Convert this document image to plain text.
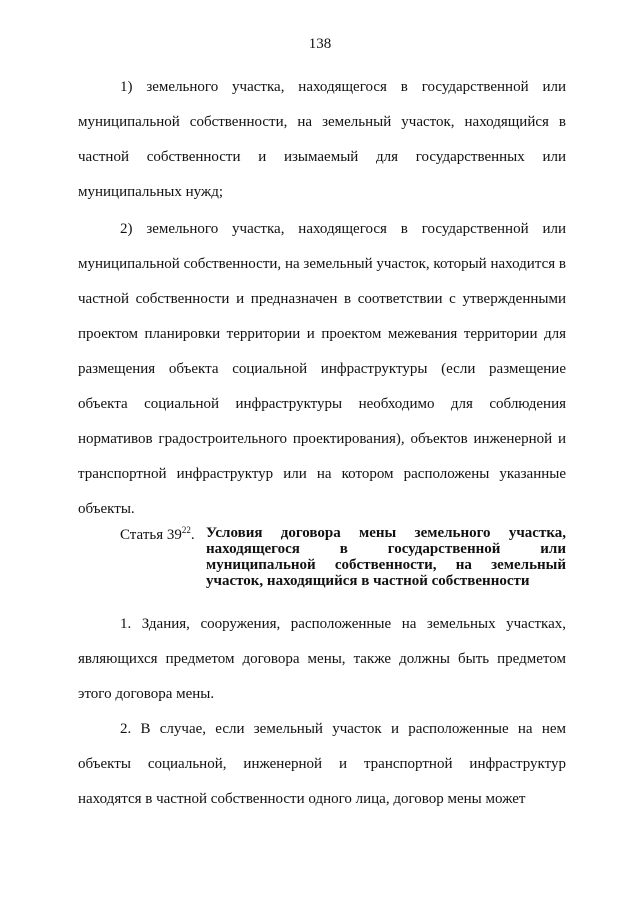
138

1) земельного участка, находящегося в государственной или муниципальной собственности, на земельный участок, находящийся в частной собственности и изымаемый для государственных или муниципальных нужд;

2) земельного участка, находящегося в государственной или муниципальной собственности, на земельный участок, который находится в частной собственности и предназначен в соответствии с утвержденными проектом планировки территории и проектом межевания территории для размещения объекта социальной инфраструктуры (если размещение объекта социальной инфраструктуры необходимо для соблюдения нормативов градостроительного проектирования), объектов инженерной и транспортной инфраструктур или на котором расположены указанные объекты.

Статья $39^{22}$. Условия договора мены земельного участка, находящегося в государственной или муниципальной собственности, на земельный участок, находящийся в частной собственности

1. Здания, сооружения, расположенные на земельных участках, являющихся предметом договора мены, также должны быть предметом этого договора мены.

2. В случае, если земельный участок и расположенные на нем объекты социальной, инженерной и транспортной инфраструктур находятся в частной собственности одного лица, договор мены может
